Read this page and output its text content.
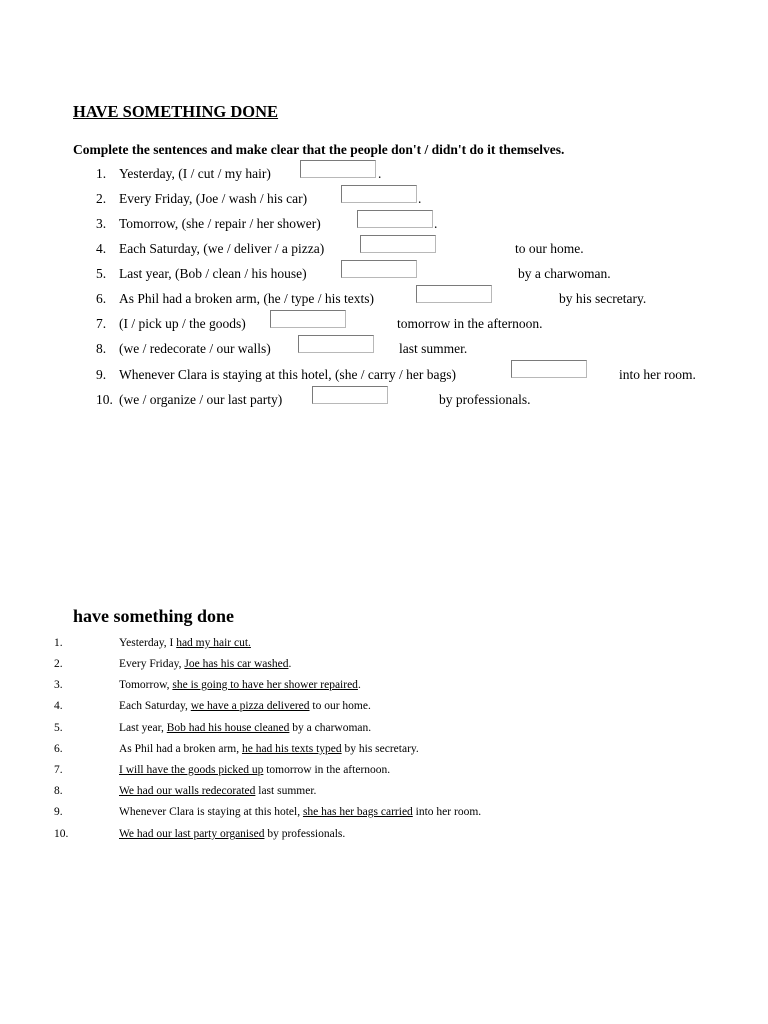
HAVE SOMETHING DONE

Complete the sentences and make clear that the people don't / didn't do it themselves.

1. Yesterday, (I / cut / my hair)	.
2. Every Friday, (Joe / wash / his car)	.
3. Tomorrow, (she / repair / her shower)	.
4. Each Saturday, (we / deliver / a pizza)	to our home.
5. Last year, (Bob / clean / his house)	by a charwoman.
6. As Phil had a broken arm, (he / type / his texts)	by his secretary.
7. (I / pick up / the goods)	tomorrow in the afternoon.
8. (we / redecorate / our walls)	last summer.
9. Whenever Clara is staying at this hotel, (she / carry / her bags)	into her room.
10. (we / organize / our last party)	by professionals.
have something done
1.	Yesterday, I had my hair cut.
2.	Every Friday, Joe has his car washed.
3.	Tomorrow, she is going to have her shower repaired.
4.	Each Saturday, we have a pizza delivered to our home.
5.	Last year, Bob had his house cleaned by a charwoman.
6.	As Phil had a broken arm, he had his texts typed by his secretary.
7.	I will have the goods picked up tomorrow in the afternoon.
8.	We had our walls redecorated last summer.
9.	Whenever Clara is staying at this hotel, she has her bags carried into her room.
10.	We had our last party organised by professionals.
